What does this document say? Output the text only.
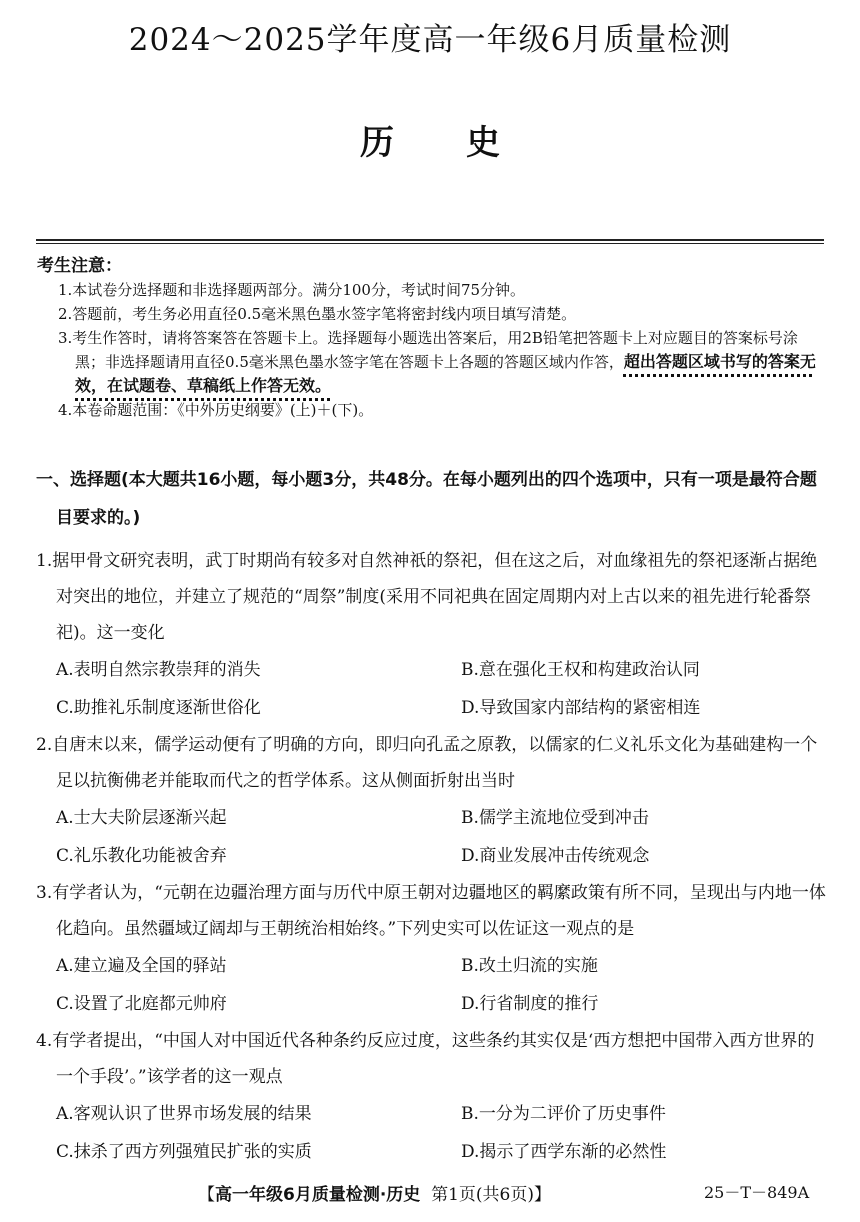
2024～2025学年度高一年级6月质量检测
历史
考生注意：
1.本试卷分选择题和非选择题两部分。满分100分，考试时间75分钟。
2.答题前，考生务必用直径0.5毫米黑色墨水签字笔将密封线内项目填写清楚。
3.考生作答时，请将答案答在答题卡上。选择题每小题选出答案后，用2B铅笔把答题卡上对应题目的答案标号涂黑；非选择题请用直径0.5毫米黑色墨水签字笔在答题卡上各题的答题区域内作答，超出答题区域书写的答案无效，在试题卷、草稿纸上作答无效。
4.本卷命题范围：《中外历史纲要》(上)＋(下)。
一、选择题(本大题共16小题，每小题3分，共48分。在每小题列出的四个选项中，只有一项是最符合题目要求的。)
1.据甲骨文研究表明，武丁时期尚有较多对自然神祇的祭祀，但在这之后，对血缘祖先的祭祀逐渐占据绝对突出的地位，并建立了规范的“周祭”制度(采用不同祀典在固定周期内对上古以来的祖先进行轮番祭祀)。这一变化
A.表明自然宗教崇拜的消失	B.意在强化王权和构建政治认同
C.助推礼乐制度逐渐世俗化	D.导致国家内部结构的紧密相连
2.自唐末以来，儒学运动便有了明确的方向，即归向孔孟之原教，以儒家的仁义礼乐文化为基础建构一个足以抗衡佛老并能取而代之的哲学体系。这从侧面折射出当时
A.士大夫阶层逐渐兴起	B.儒学主流地位受到冲击
C.礼乐教化功能被舍弃	D.商业发展冲击传统观念
3.有学者认为，“元朝在边疆治理方面与历代中原王朝对边疆地区的羁縻政策有所不同，呈现出与内地一体化趋向。虽然疆域辽阔却与王朝统治相始终。”下列史实可以佐证这一观点的是
A.建立遍及全国的驿站	B.改土归流的实施
C.设置了北庭都元帅府	D.行省制度的推行
4.有学者提出，“中国人对中国近代各种条约反应过度，这些条约其实仅是‘西方想把中国带入西方世界的一个手段’。”该学者的这一观点
A.客观认识了世界市场发展的结果	B.一分为二评价了历史事件
C.抹杀了西方列强殖民扩张的实质	D.揭示了西学东渐的必然性
【高一年级6月质量检测·历史 第1页(共6页)】	25－T－849A
